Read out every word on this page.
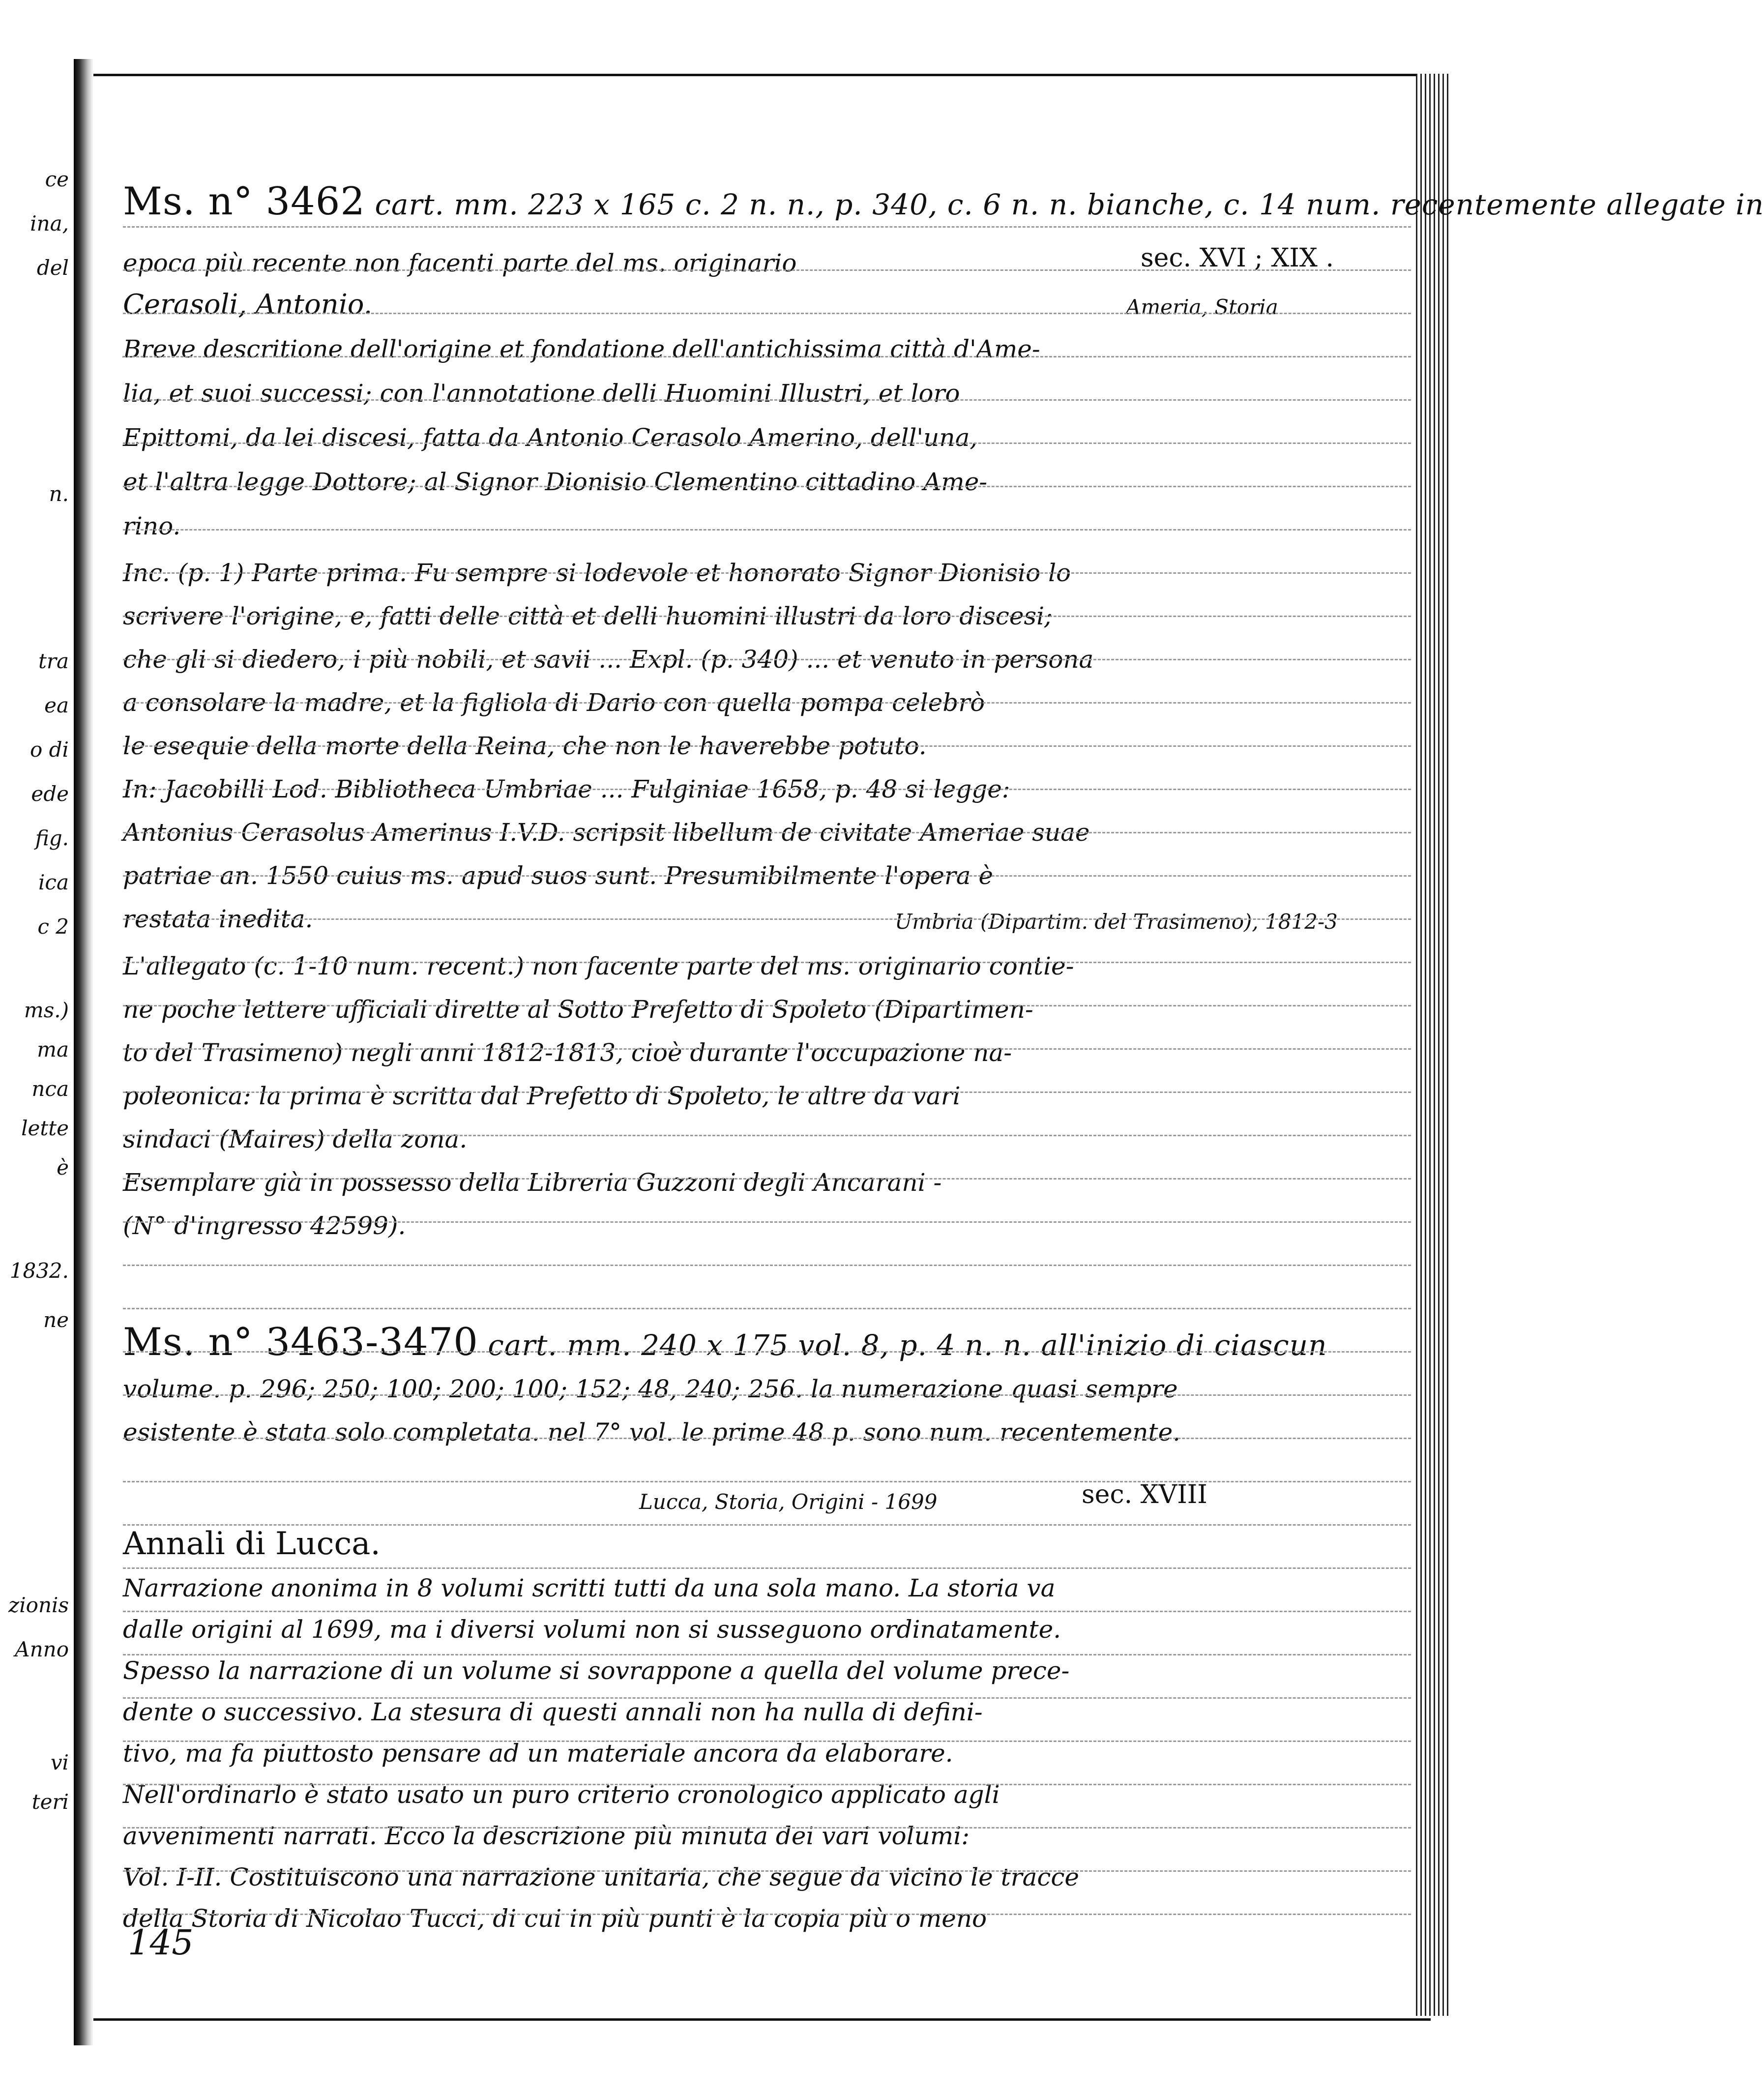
ce
ina,
del
n.
tra
ea
o di
ede
fig.
ica
c 2
ms.)
ma
nca
lette
è
1832.
ne
zionis
Anno
vi
teri
Ms. n° 3462 cart. mm. 223 x 165 c. 2 n. n., p. 340, c. 6 n. n. bianche, c. 14 num. recentemente allegate in
epoca più recente non facenti parte del ms. originario	sec. XVI ; XIX .
Cerasoli, Antonio.	Ameria, Storia
Breve descritione dell'origine et fondatione dell'antichissima città d'Ame-
lia, et suoi successi; con l'annotatione delli Huomini Illustri, et loro
Epittomi, da lei discesi, fatta da Antonio Cerasolo Amerino, dell'una,
et l'altra legge Dottore; al Signor Dionisio Clementino cittadino Ame-
rino.
Inc. (p. 1) Parte prima. Fu sempre si lodevole et honorato Signor Dionisio lo
scrivere l'origine, e, fatti delle città et delli huomini illustri da loro discesi;
che gli si diedero, i più nobili, et savii ... Expl. (p. 340) ... et venuto in persona
a consolare la madre, et la figliola di Dario con quella pompa celebrò
le esequie della morte della Reina, che non le haverebbe potuto.
In: Jacobilli Lod. Bibliotheca Umbriae ... Fulginiae 1658, p. 48 si legge:
Antonius Cerasolus Amerinus I.V.D. scripsit libellum de civitate Ameriae suae
patriae an. 1550 cuius ms. apud suos sunt. Presumibilmente l'opera è
restata inedita.	Umbria (Dipartim. del Trasimeno), 1812-3
L'allegato (c. 1-10 num. recent.) non facente parte del ms. originario contie-
ne poche lettere ufficiali dirette al Sotto Prefetto di Spoleto (Dipartimen-
to del Trasimeno) negli anni 1812-1813, cioè durante l'occupazione na-
poleonica: la prima è scritta dal Prefetto di Spoleto, le altre da vari
sindaci (Maires) della zona.
Esemplare già in possesso della Libreria Guzzoni degli Ancarani -
(N° d'ingresso 42599).
Ms. n° 3463-3470 cart. mm. 240 x 175 vol. 8, p. 4 n. n. all'inizio di ciascun
volume. p. 296; 250; 100; 200; 100; 152; 48, 240; 256. la numerazione quasi sempre
esistente è stata solo completata. nel 7° vol. le prime 48 p. sono num. recentemente.
Lucca, Storia, Origini - 1699	sec. XVIII
Annali di Lucca.
Narrazione anonima in 8 volumi scritti tutti da una sola mano. La storia va
dalle origini al 1699, ma i diversi volumi non si susseguono ordinatamente.
Spesso la narrazione di un volume si sovrappone a quella del volume prece-
dente o successivo. La stesura di questi annali non ha nulla di defini-
tivo, ma fa piuttosto pensare ad un materiale ancora da elaborare.
Nell'ordinarlo è stato usato un puro criterio cronologico applicato agli
avvenimenti narrati. Ecco la descrizione più minuta dei vari volumi:
Vol. I-II. Costituiscono una narrazione unitaria, che segue da vicino le tracce
della Storia di Nicolao Tucci, di cui in più punti è la copia più o meno
145
